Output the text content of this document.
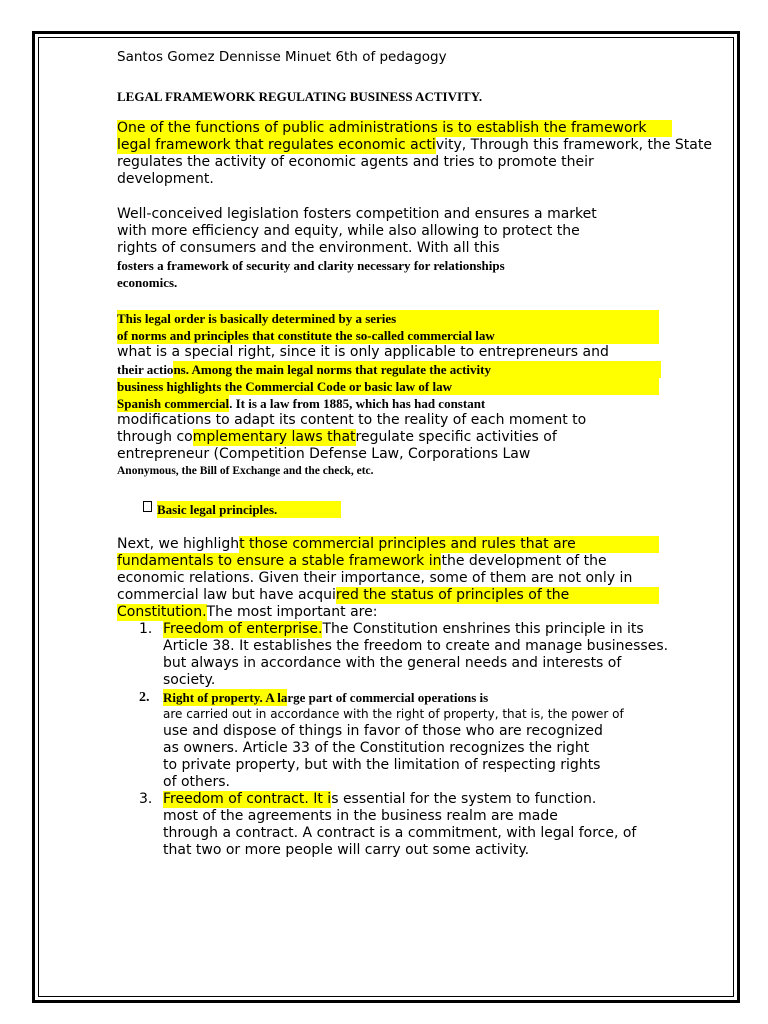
Santos Gomez Dennisse Minuet 6th of pedagogy
LEGAL FRAMEWORK REGULATING BUSINESS ACTIVITY.
One of the functions of public administrations is to establish the framework
legal framework that regulates economic acti vity, Through this framework, the State
regulates the activity of economic agents and tries to promote their
development.
Well-conceived legislation fosters competition and ensures a market
with more efficiency and equity, while also allowing to protect the
rights of consumers and the environment. With all this
fosters a framework of security and clarity necessary for relationships
economics.
This legal order is basically determined by a series
of norms and principles that constitute the so-called commercial law
what is a special right, since it is only applicable to entrepreneurs and
their actio ns. Among the main legal norms that regulate the activity
business highlights the Commercial Code or basic law of law
Spanish commercial . It is a law from 1885, which has had constant
modifications to adapt its content to the reality of each moment to
through co mplementary laws that regulate specific activities of
entrepreneur (Competition Defense Law, Corporations Law
Anonymous, the Bill of Exchange and the check, etc.
Basic legal principles.
Next, we highligh t those commercial principles and rules that are
fundamentals to ensure a stable framework in the development of the
economic relations. Given their importance, some of them are not only in
commercial law but have acqui red the status of principles of the
Constitution. The most important are:
1. Freedom of enterprise. The Constitution enshrines this principle in its
Article 38. It establishes the freedom to create and manage businesses.
but always in accordance with the general needs and interests of
society.
2. Right of property. A la rge part of commercial operations is
are carried out in accordance with the right of property, that is, the power of
use and dispose of things in favor of those who are recognized
as owners. Article 33 of the Constitution recognizes the right
to private property, but with the limitation of respecting rights
of others.
3. Freedom of contract. It i s essential for the system to function.
most of the agreements in the business realm are made
through a contract. A contract is a commitment, with legal force, of
that two or more people will carry out some activity.
